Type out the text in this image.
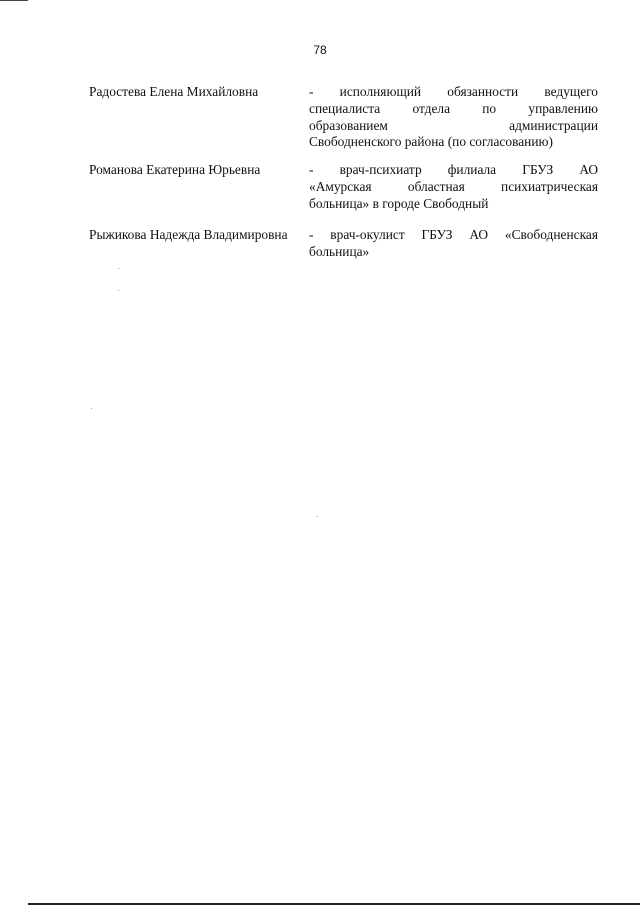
78
Радостева Елена Михайловна	- исполняющий обязанности ведущего
специалиста отдела по управлению
образованием администрации
Свободненского района (по согласованию)
Романова Екатерина Юрьевна	- врач-психиатр филиала ГБУЗ АО
«Амурская областная психиатрическая
больница» в городе Свободный
Рыжикова Надежда Владимировна	- врач-окулист ГБУЗ АО «Свободненская
больница»
